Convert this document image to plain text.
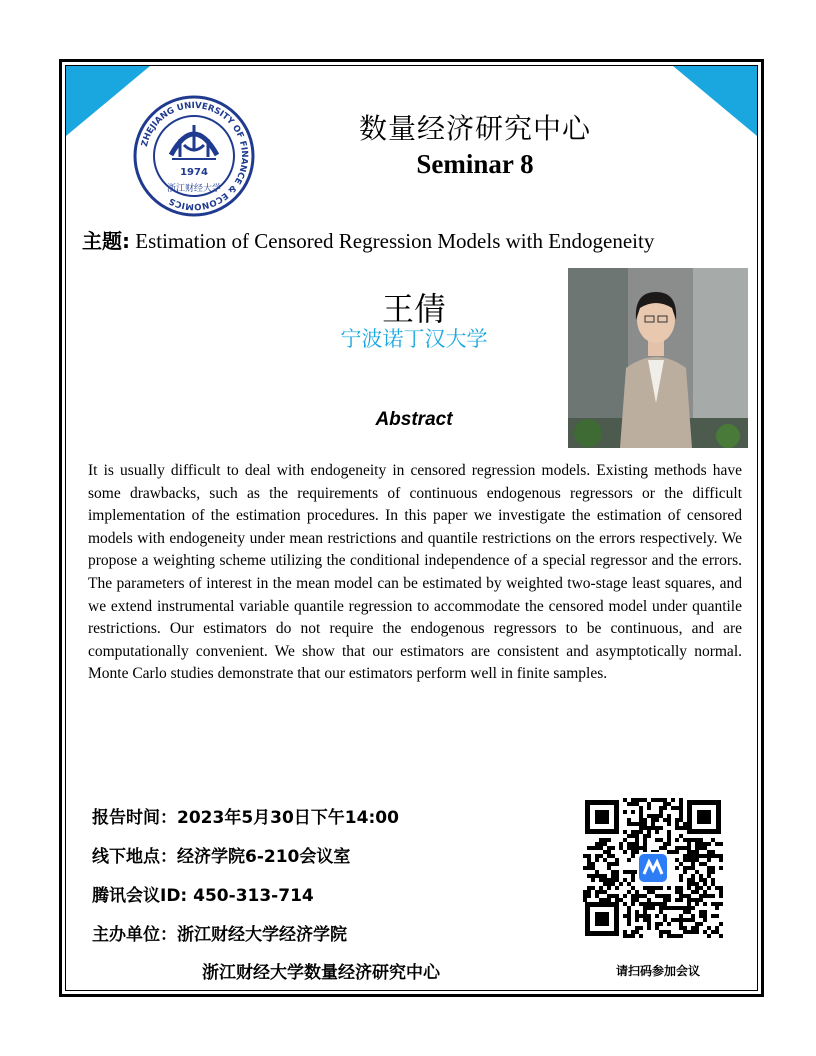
ZHEJIANG UNIVERSITY OF FINANCE & ECONOMICS
1974
浙江财经大学
数量经济研究中心
Seminar 8
主题: Estimation of Censored Regression Models with Endogeneity
王倩
宁波诺丁汉大学
Abstract
It is usually difficult to deal with endogeneity in censored regression models. Existing methods have some drawbacks, such as the requirements of continuous endogenous regressors or the difficult implementation of the estimation procedures. In this paper we investigate the estimation of censored models with endogeneity under mean restrictions and quantile restrictions on the errors respectively. We propose a weighting scheme utilizing the conditional independence of a special regressor and the errors. The parameters of interest in the mean model can be estimated by weighted two-stage least squares, and we extend instrumental variable quantile regression to accommodate the censored model under quantile restrictions. Our estimators do not require the endogenous regressors to be continuous, and are computationally convenient. We show that our estimators are consistent and asymptotically normal. Monte Carlo studies demonstrate that our estimators perform well in finite samples.
报告时间：2023年5月30日下午14:00
线下地点：经济学院6-210会议室
腾讯会议ID: 450-313-714
主办单位：浙江财经大学经济学院
浙江财经大学数量经济研究中心	请扫码参加会议
